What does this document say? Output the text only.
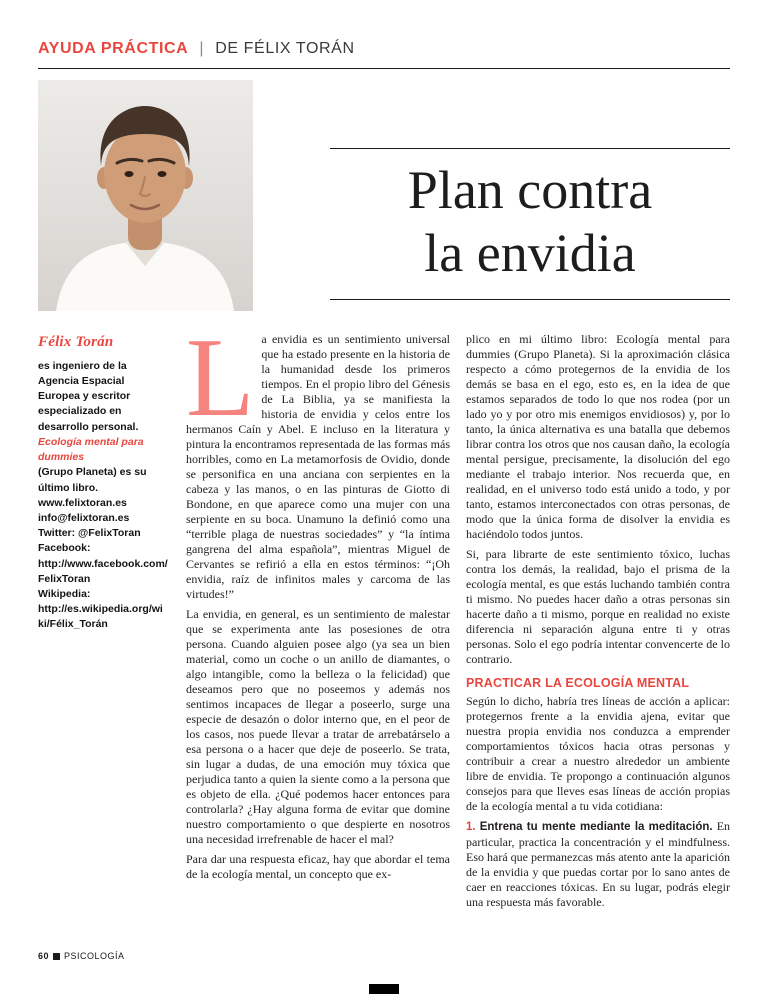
AYUDA PRÁCTICA | DE FÉLIX TORÁN
Plan contra
la envidia
Félix Torán
es ingeniero de la Agencia Espacial Europea y escritor especializado en desarrollo personal.
Ecología mental para dummies
(Grupo Planeta) es su último libro.
www.felixtoran.es
info@felixtoran.es
Twitter: @FelixToran
Facebook: http://www.facebook.com/FelixToran
Wikipedia: http://es.wikipedia.org/wiki/Félix_Torán

L a envidia es un sentimiento universal que ha estado presente en la historia de la humanidad desde los primeros tiempos. En el propio libro del Génesis de La Biblia, ya se manifiesta la historia de envidia y celos entre los hermanos Caín y Abel. E incluso en la literatura y pintura la encontramos representada de las formas más horribles, como en La metamorfosis de Ovidio, donde se personifica en una anciana con serpientes en la cabeza y las manos, o en las pinturas de Giotto di Bondone, en que aparece como una mujer con una serpiente en su boca. Unamuno la definió como una “terrible plaga de nuestras sociedades” y “la íntima gangrena del alma española”, mientras Miguel de Cervantes se refirió a ella en estos términos: “¡Oh envidia, raíz de infinitos males y carcoma de las virtudes!”

La envidia, en general, es un sentimiento de malestar que se experimenta ante las posesiones de otra persona. Cuando alguien posee algo (ya sea un bien material, como un coche o un anillo de diamantes, o algo intangible, como la belleza o la felicidad) que deseamos pero que no poseemos y además nos sentimos incapaces de llegar a poseerlo, surge una especie de desazón o dolor interno que, en el peor de los casos, nos puede llevar a tratar de arrebatárselo a esa persona o a hacer que deje de poseerlo. Se trata, sin lugar a dudas, de una emoción muy tóxica que perjudica tanto a quien la siente como a la persona que es objeto de ella. ¿Qué podemos hacer entonces para controlarla? ¿Hay alguna forma de evitar que domine nuestro comportamiento o que despierte en nosotros una necesidad irrefrenable de hacer el mal?

Para dar una respuesta eficaz, hay que abordar el tema de la ecología mental, un concepto que ex-

plico en mi último libro: Ecología mental para dummies (Grupo Planeta). Si la aproximación clásica respecto a cómo protegernos de la envidia de los demás se basa en el ego, esto es, en la idea de que estamos separados de todo lo que nos rodea (por un lado yo y por otro mis enemigos envidiosos) y, por lo tanto, la única alternativa es una batalla que debemos librar contra los otros que nos causan daño, la ecología mental persigue, precisamente, la disolución del ego mediante el trabajo interior. Nos recuerda que, en realidad, en el universo todo está unido a todo, y por tanto, estamos interconectados con otras personas, de modo que la única forma de disolver la envidia es haciéndolo todos juntos.

Si, para librarte de este sentimiento tóxico, luchas contra los demás, la realidad, bajo el prisma de la ecología mental, es que estás luchando también contra ti mismo. No puedes hacer daño a otras personas sin hacerte daño a ti mismo, porque en realidad no existe diferencia ni separación alguna entre ti y otras personas. Solo el ego podría intentar convencerte de lo contrario.

PRACTICAR LA ECOLOGÍA MENTAL

Según lo dicho, habría tres líneas de acción a aplicar: protegernos frente a la envidia ajena, evitar que nuestra propia envidia nos conduzca a emprender comportamientos tóxicos hacia otras personas y contribuir a crear a nuestro alrededor un ambiente libre de envidia. Te propongo a continuación algunos consejos para que lleves esas líneas de acción propias de la ecología mental a tu vida cotidiana:

1. Entrena tu mente mediante la meditación. En particular, practica la concentración y el mindfulness. Eso hará que permanezcas más atento ante la aparición de la envidia y que puedas cortar por lo sano antes de caer en reacciones tóxicas. En su lugar, podrás elegir una respuesta más favorable.

60 PSICOLOGÍA
